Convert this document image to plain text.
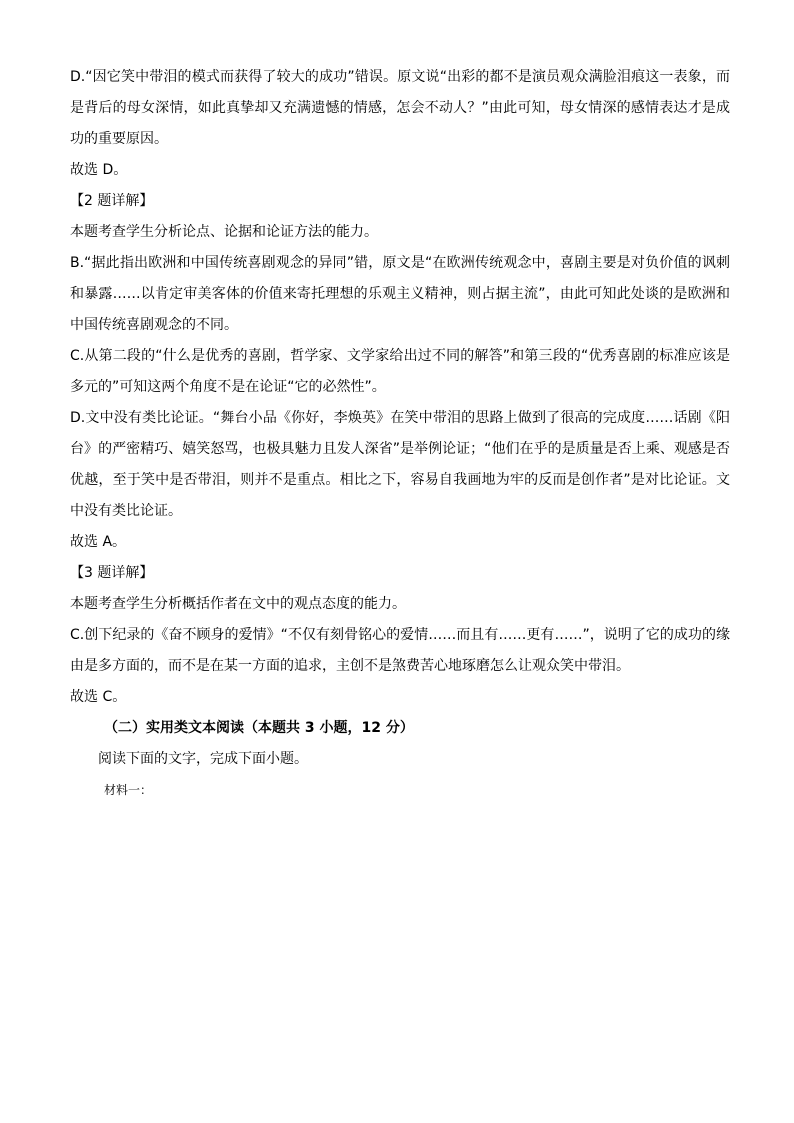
D.“因它笑中带泪的模式而获得了较大的成功”错误。原文说“出彩的都不是演员观众满脸泪痕这一表象，而是背后的母女深情，如此真挚却又充满遗憾的情感，怎会不动人？”由此可知，母女情深的感情表达才是成功的重要原因。

故选 D。

【2 题详解】

本题考查学生分析论点、论据和论证方法的能力。

B.“据此指出欧洲和中国传统喜剧观念的异同”错，原文是“在欧洲传统观念中，喜剧主要是对负价值的讽刺和暴露……以肯定审美客体的价值来寄托理想的乐观主义精神，则占据主流”，由此可知此处谈的是欧洲和中国传统喜剧观念的不同。

C.从第二段的“什么是优秀的喜剧，哲学家、文学家给出过不同的解答”和第三段的“优秀喜剧的标准应该是多元的”可知这两个角度不是在论证“它的必然性”。

D.文中没有类比论证。“舞台小品《你好，李焕英》在笑中带泪的思路上做到了很高的完成度……话剧《阳台》的严密精巧、嬉笑怒骂，也极具魅力且发人深省”是举例论证；“他们在乎的是质量是否上乘、观感是否优越，至于笑中是否带泪，则并不是重点。相比之下，容易自我画地为牢的反而是创作者”是对比论证。文中没有类比论证。

故选 A。

【3 题详解】

本题考查学生分析概括作者在文中的观点态度的能力。

C.创下纪录的《奋不顾身的爱情》“不仅有刻骨铭心的爱情……而且有……更有……”，说明了它的成功的缘由是多方面的，而不是在某一方面的追求，主创不是煞费苦心地琢磨怎么让观众笑中带泪。

故选 C。

（二）实用类文本阅读（本题共 3 小题，12 分）

阅读下面的文字，完成下面小题。

材料一：
